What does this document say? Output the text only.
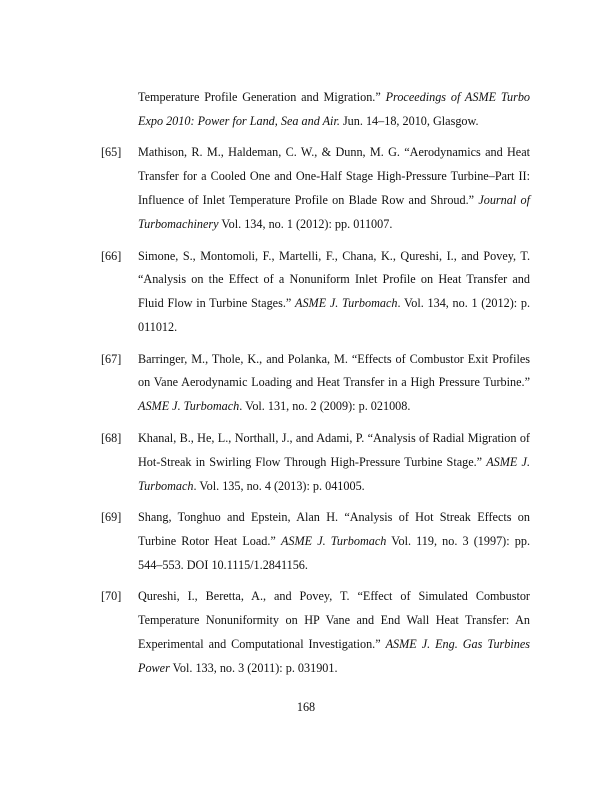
Temperature Profile Generation and Migration.” Proceedings of ASME Turbo Expo 2010: Power for Land, Sea and Air. Jun. 14–18, 2010, Glasgow.
[65] Mathison, R. M., Haldeman, C. W., & Dunn, M. G. “Aerodynamics and Heat Transfer for a Cooled One and One-Half Stage High-Pressure Turbine–Part II: Influence of Inlet Temperature Profile on Blade Row and Shroud.” Journal of Turbomachinery Vol. 134, no. 1 (2012): pp. 011007.
[66] Simone, S., Montomoli, F., Martelli, F., Chana, K., Qureshi, I., and Povey, T. “Analysis on the Effect of a Nonuniform Inlet Profile on Heat Transfer and Fluid Flow in Turbine Stages.” ASME J. Turbomach. Vol. 134, no. 1 (2012): p. 011012.
[67] Barringer, M., Thole, K., and Polanka, M. “Effects of Combustor Exit Profiles on Vane Aerodynamic Loading and Heat Transfer in a High Pressure Turbine.” ASME J. Turbomach. Vol. 131, no. 2 (2009): p. 021008.
[68] Khanal, B., He, L., Northall, J., and Adami, P. “Analysis of Radial Migration of Hot-Streak in Swirling Flow Through High-Pressure Turbine Stage.” ASME J. Turbomach. Vol. 135, no. 4 (2013): p. 041005.
[69] Shang, Tonghuo and Epstein, Alan H. “Analysis of Hot Streak Effects on Turbine Rotor Heat Load.” ASME J. Turbomach Vol. 119, no. 3 (1997): pp. 544–553. DOI 10.1115/1.2841156.
[70] Qureshi, I., Beretta, A., and Povey, T. “Effect of Simulated Combustor Temperature Nonuniformity on HP Vane and End Wall Heat Transfer: An Experimental and Computational Investigation.” ASME J. Eng. Gas Turbines Power Vol. 133, no. 3 (2011): p. 031901.
168
